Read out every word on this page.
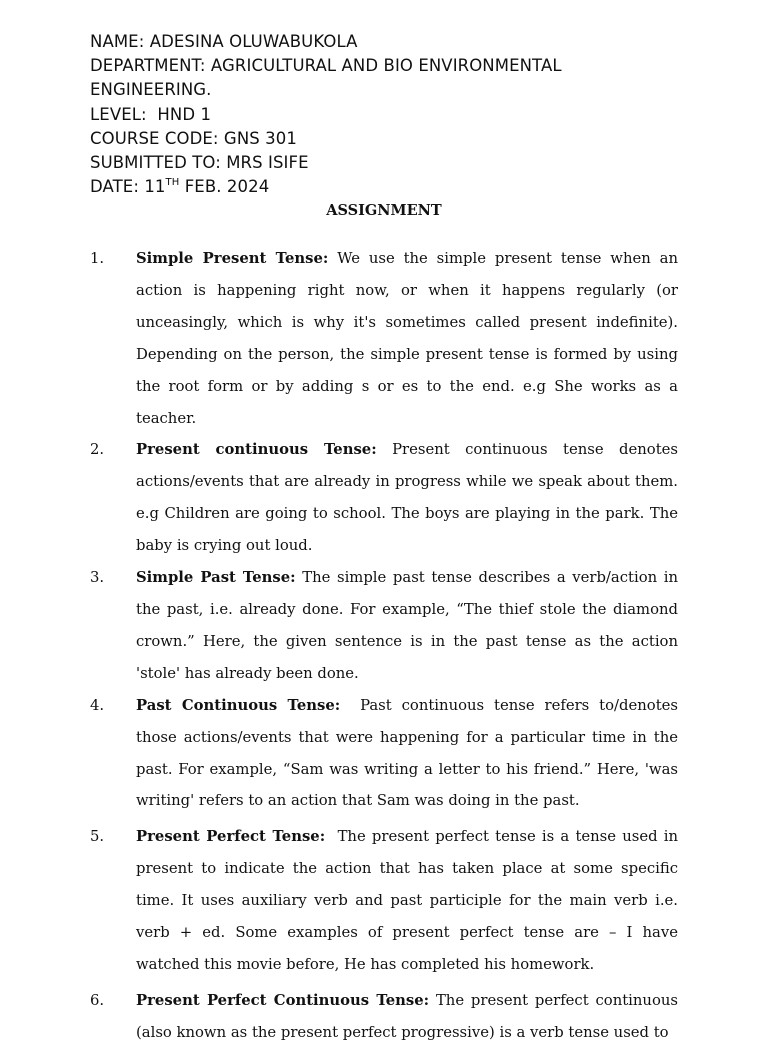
NAME: ADESINA OLUWABUKOLA
DEPARTMENT: AGRICULTURAL AND BIO ENVIRONMENTAL
ENGINEERING.
LEVEL:  HND 1
COURSE CODE: GNS 301
SUBMITTED TO: MRS ISIFE
DATE: 11TH FEB. 2024
ASSIGNMENT
1. Simple Present Tense: We use the simple present tense when an action is happening right now, or when it happens regularly (or unceasingly, which is why it's sometimes called present indefinite). Depending on the person, the simple present tense is formed by using the root form or by adding s or es to the end. e.g She works as a teacher.
2. Present continuous Tense: Present continuous tense denotes actions/events that are already in progress while we speak about them. e.g Children are going to school. The boys are playing in the park. The baby is crying out loud.
3. Simple Past Tense: The simple past tense describes a verb/action in the past, i.e. already done. For example, “The thief stole the diamond crown.” Here, the given sentence is in the past tense as the action 'stole' has already been done.
4. Past Continuous Tense:  Past continuous tense refers to/denotes those actions/events that were happening for a particular time in the past. For example, “Sam was writing a letter to his friend.” Here, 'was writing' refers to an action that Sam was doing in the past.
5. Present Perfect Tense:  The present perfect tense is a tense used in present to indicate the action that has taken place at some specific time. It uses auxiliary verb and past participle for the main verb i.e. verb + ed. Some examples of present perfect tense are – I have watched this movie before, He has completed his homework.
6. Present Perfect Continuous Tense: The present perfect continuous (also known as the present perfect progressive) is a verb tense used to
